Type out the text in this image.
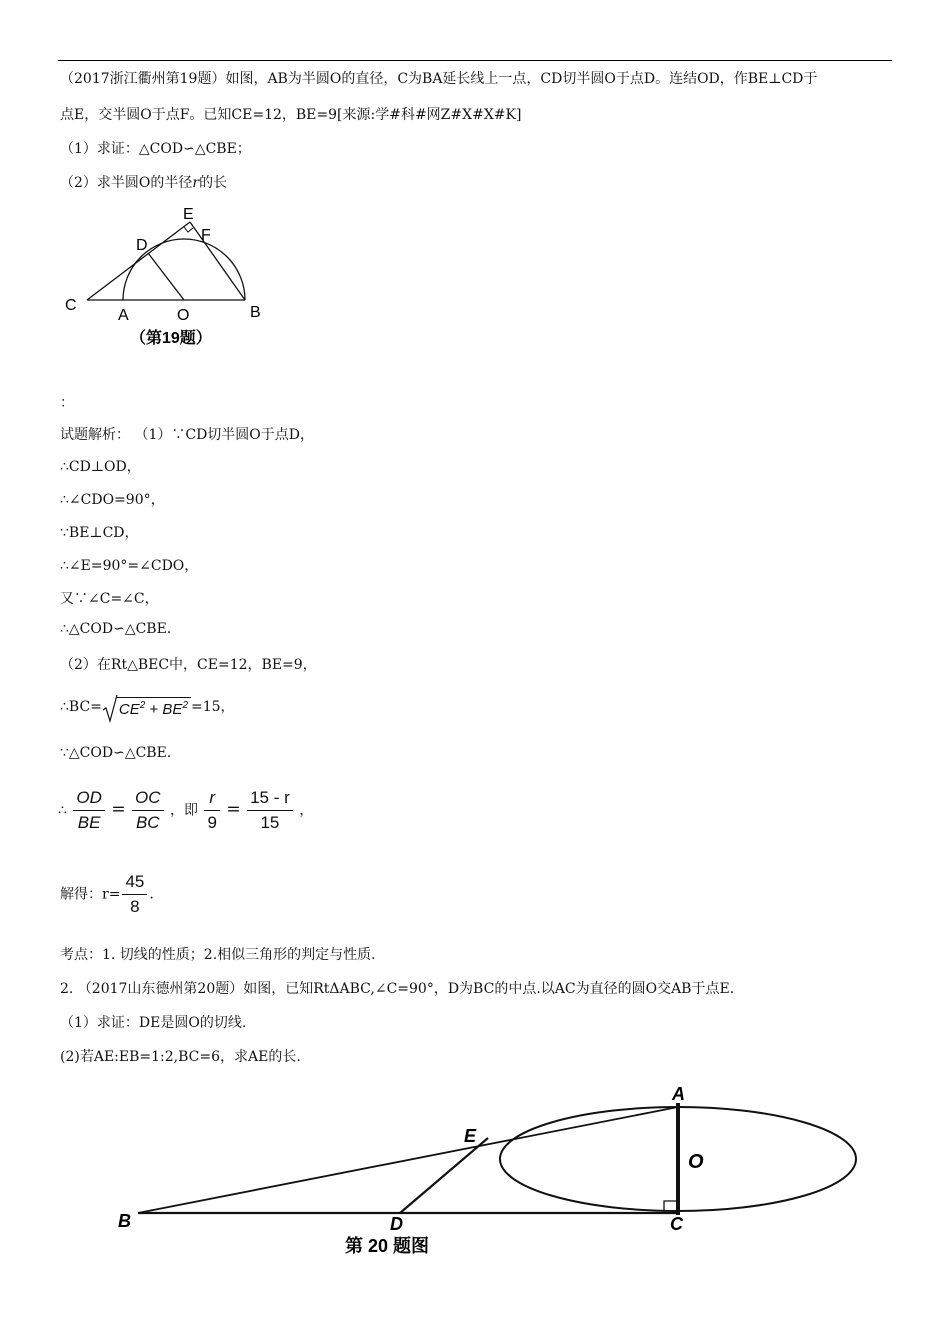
（2017浙江衢州第19题）如图，AB为半圆O的直径，C为BA延长线上一点，CD切半圆O于点D。连结OD，作BE⊥CD于
点E，交半圆O于点F。已知CE=12，BE=9[来源:学#科#网Z#X#X#K]
（1）求证：△COD∽△CBE；
（2）求半圆O的半径r的长
E
D
F
C
A	O	B
（第19题）
：
试题解析： （1）∵CD切半圆O于点D，
∴CD⊥OD，
∴∠CDO=90°，
∵BE⊥CD，
∴∠E=90°=∠CDO，
又∵∠C=∠C，
∴△COD∽△CBE.
（2）在Rt△BEC中，CE=12，BE=9，
∴BC= $CE^2 + BE^2 =15$，
∵△COD∽△CBE.
∴ $\frac{OD}{BE} = \frac{OC}{BC}$ ，即 $\frac{r}{9} = \frac{15 - r}{15}$ ，
解得：$r= \frac{45}{8}$ .
考点：1. 切线的性质；2.相似三角形的判定与性质.
2. （2017山东德州第20题）如图，已知RtΔABC,∠C=90°，D为BC的中点.以AC为直径的圆O交AB于点E.
（1）求证：DE是圆O的切线.
(2)若AE:EB=1:2,BC=6，求AE的长.
A
E
O
B	D	C
第 20 题图
